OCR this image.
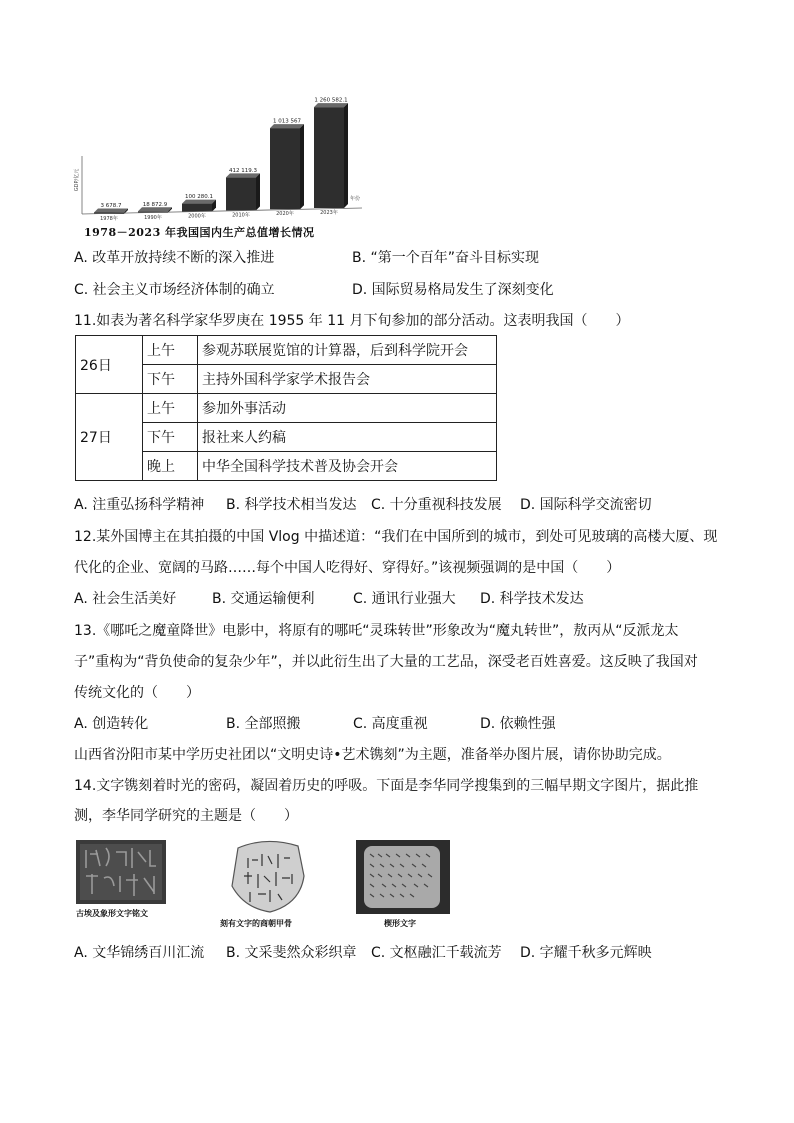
3 678.7
1978年
18 872.9
1990年
100 280.1
2000年
412 119.3
2010年
1 013 567
2020年
1 260 582.1
2023年
GDP/亿元
年份
1978－2023 年我国国内生产总值增长情况
A. 改革开放持续不断的深入推进	B. “第一个百年”奋斗目标实现
C. 社会主义市场经济体制的确立	D. 国际贸易格局发生了深刻变化
11.如表为著名科学家华罗庚在 1955 年 11 月下旬参加的部分活动。这表明我国（　　）
26日	上午	参观苏联展览馆的计算器，后到科学院开会
	下午	主持外国科学家学术报告会
27日	上午	参加外事活动
	下午	报社来人约稿
	晚上	中华全国科学技术普及协会开会
A. 注重弘扬科学精神 B. 科学技术相当发达 C. 十分重视科技发展 D. 国际科学交流密切
12.某外国博主在其拍摄的中国 Vlog 中描述道：“我们在中国所到的城市，到处可见玻璃的高楼大厦、现
代化的企业、宽阔的马路……每个中国人吃得好、穿得好。”该视频强调的是中国（　　）
A. 社会生活美好	B. 交通运输便利	C. 通讯行业强大 D. 科学技术发达
13.《哪吒之魔童降世》电影中，将原有的哪吒“灵珠转世”形象改为“魔丸转世”，敖丙从“反派龙太
子”重构为“背负使命的复杂少年”，并以此衍生出了大量的工艺品，深受老百姓喜爱。这反映了我国对
传统文化的（　　）
A. 创造转化	B. 全部照搬	C. 高度重视	D. 依赖性强
山西省汾阳市某中学历史社团以“文明史诗•艺术镌刻”为主题，准备举办图片展，请你协助完成。
14.文字镌刻着时光的密码，凝固着历史的呼吸。下面是李华同学搜集到的三幅早期文字图片，据此推
测，李华同学研究的主题是（　　）
古埃及象形文字铭文
刻有文字的商朝甲骨	楔形文字
A. 文华锦绣百川汇流 B. 文采斐然众彩织章 C. 文枢融汇千载流芳 D. 字耀千秋多元辉映
